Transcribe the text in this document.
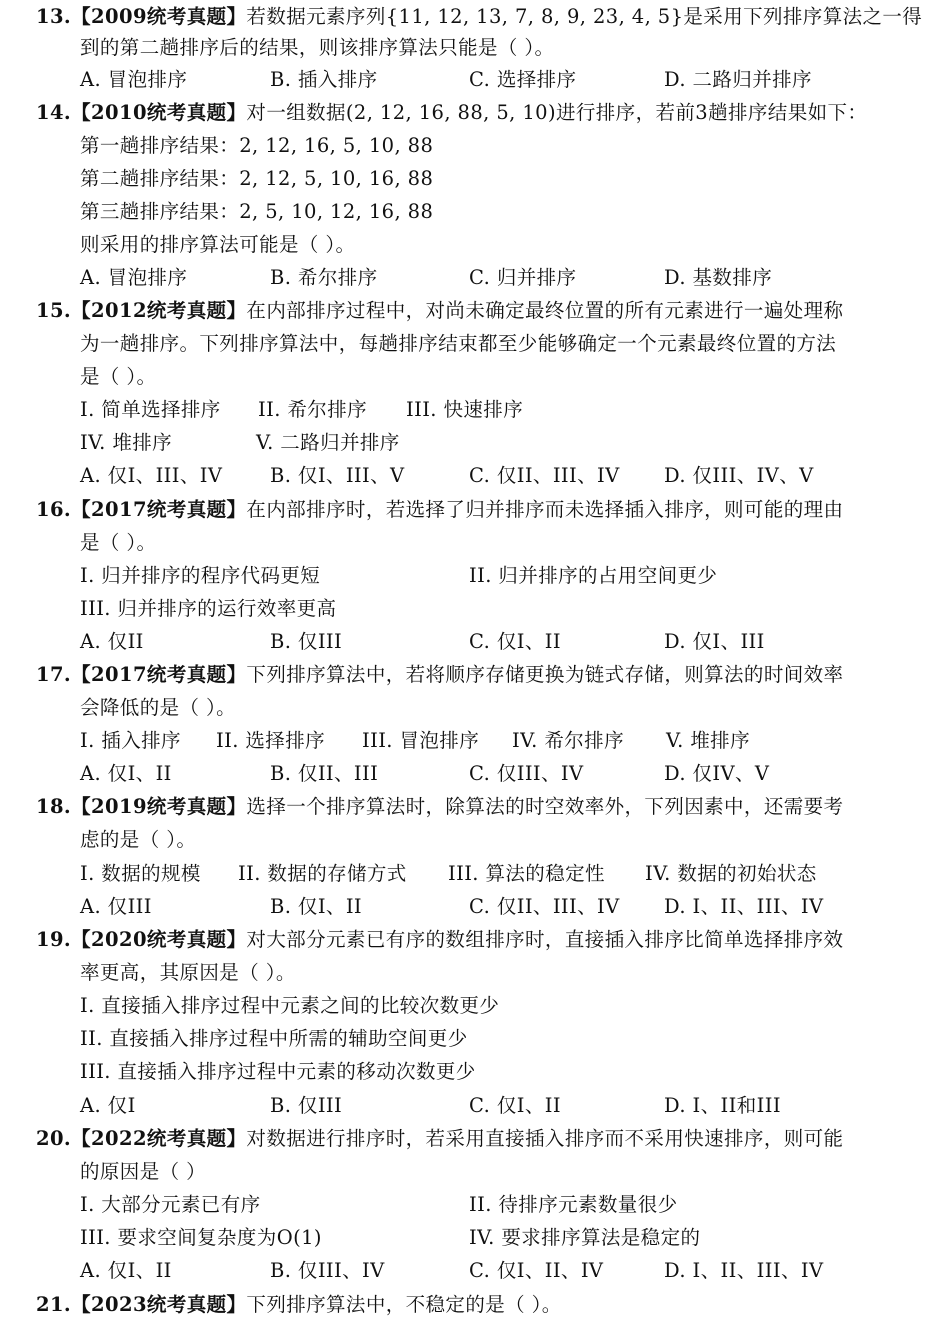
13.【2009统考真题】若数据元素序列{11, 12, 13, 7, 8, 9, 23, 4, 5}是采用下列排序算法之一得
到的第二趟排序后的结果，则该排序算法只能是（ ）。
A. 冒泡排序	B. 插入排序	C. 选择排序	D. 二路归并排序
14.【2010统考真题】对一组数据(2, 12, 16, 88, 5, 10)进行排序，若前3趟排序结果如下：
第一趟排序结果：2, 12, 16, 5, 10, 88
第二趟排序结果：2, 12, 5, 10, 16, 88
第三趟排序结果：2, 5, 10, 12, 16, 88
则采用的排序算法可能是（ ）。
A. 冒泡排序	B. 希尔排序	C. 归并排序	D. 基数排序
15.【2012统考真题】在内部排序过程中，对尚未确定最终位置的所有元素进行一遍处理称
为一趟排序。下列排序算法中，每趟排序结束都至少能够确定一个元素最终位置的方法
是（ ）。
I. 简单选择排序 II. 希尔排序 III. 快速排序
IV. 堆排序	V. 二路归并排序
A. 仅I、III、IV B. 仅I、III、V	C. 仅II、III、IV D. 仅III、IV、V
16.【2017统考真题】在内部排序时，若选择了归并排序而未选择插入排序，则可能的理由
是（ ）。
I. 归并排序的程序代码更短	II. 归并排序的占用空间更少
III. 归并排序的运行效率更高
A. 仅II	B. 仅III	C. 仅I、II	D. 仅I、III
17.【2017统考真题】下列排序算法中，若将顺序存储更换为链式存储，则算法的时间效率
会降低的是（ ）。
I. 插入排序 II. 选择排序 III. 冒泡排序 IV. 希尔排序 V. 堆排序
A. 仅I、II	B. 仅II、III	C. 仅III、IV	D. 仅IV、V
18.【2019统考真题】选择一个排序算法时，除算法的时空效率外，下列因素中，还需要考
虑的是（ ）。
I. 数据的规模 II. 数据的存储方式 III. 算法的稳定性 IV. 数据的初始状态
A. 仅III	B. 仅I、II	C. 仅II、III、IV D. I、II、III、IV
19.【2020统考真题】对大部分元素已有序的数组排序时，直接插入排序比简单选择排序效
率更高，其原因是（ ）。
I. 直接插入排序过程中元素之间的比较次数更少
II. 直接插入排序过程中所需的辅助空间更少
III. 直接插入排序过程中元素的移动次数更少
A. 仅I	B. 仅III	C. 仅I、II	D. I、II和III
20.【2022统考真题】对数据进行排序时，若采用直接插入排序而不采用快速排序，则可能
的原因是（ ）
I. 大部分元素已有序	II. 待排序元素数量很少
III. 要求空间复杂度为O(1)	IV. 要求排序算法是稳定的
A. 仅I、II	B. 仅III、IV	C. 仅I、II、IV	D. I、II、III、IV
21.【2023统考真题】下列排序算法中，不稳定的是（ ）。
